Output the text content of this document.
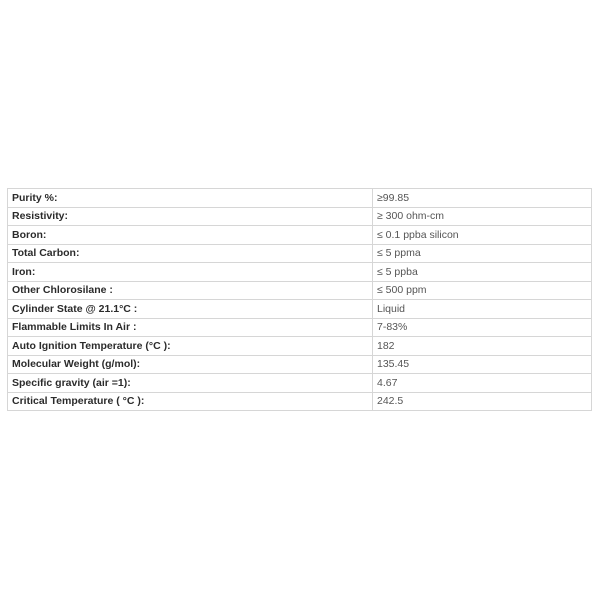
Purity %:	≥99.85
Resistivity:	≥ 300 ohm-cm
Boron:	≤ 0.1 ppba silicon
Total Carbon:	≤ 5 ppma
Iron:	≤ 5 ppba
Other Chlorosilane :	≤ 500 ppm
Cylinder State @ 21.1°C :	Liquid
Flammable Limits In Air :	7-83%
Auto Ignition Temperature (°C ):	182
Molecular Weight (g/mol):	135.45
Specific gravity (air =1):	4.67
Critical Temperature ( °C ):	242.5
